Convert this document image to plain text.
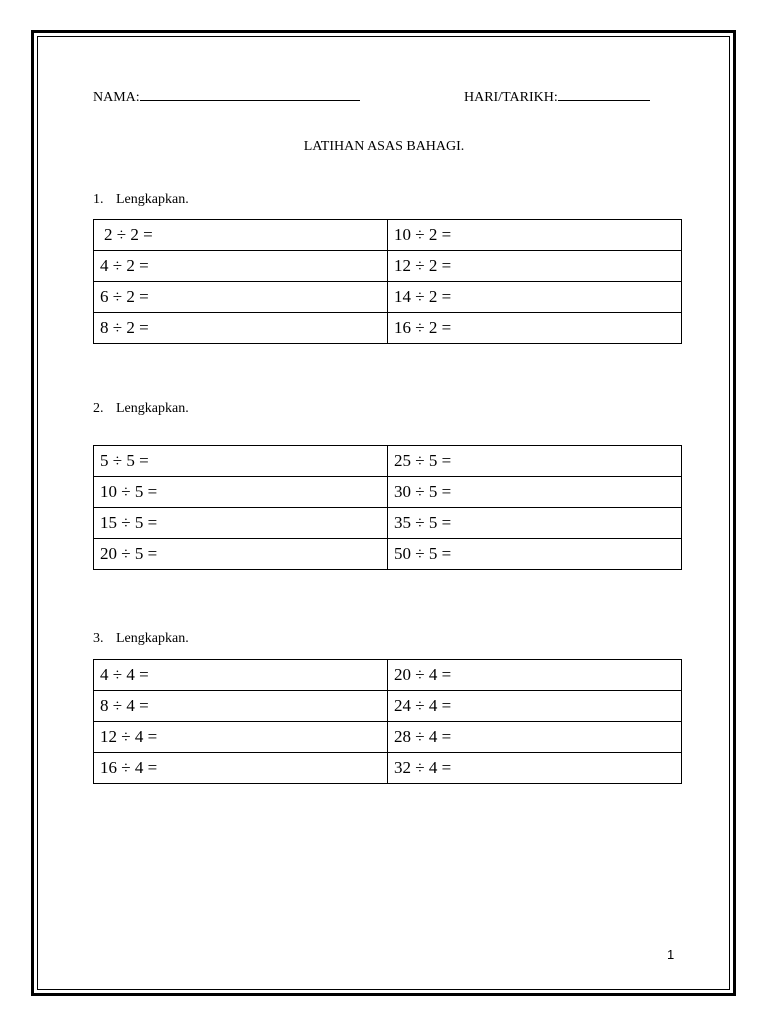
NAMA:	HARI/TARIKH:
LATIHAN ASAS BAHAGI.
1. Lengkapkan.
2 ÷ 2 =	10 ÷ 2 =
4 ÷ 2 =	12 ÷ 2 =
6 ÷ 2 =	14 ÷ 2 =
8 ÷ 2 =	16 ÷ 2 =
2. Lengkapkan.
5 ÷ 5 =	25 ÷ 5 =
10 ÷ 5 =	30 ÷ 5 =
15 ÷ 5 =	35 ÷ 5 =
20 ÷ 5 =	50 ÷ 5 =
3. Lengkapkan.
4 ÷ 4 =	20 ÷ 4 =
8 ÷ 4 =	24 ÷ 4 =
12 ÷ 4 =	28 ÷ 4 =
16 ÷ 4 =	32 ÷ 4 =
1
